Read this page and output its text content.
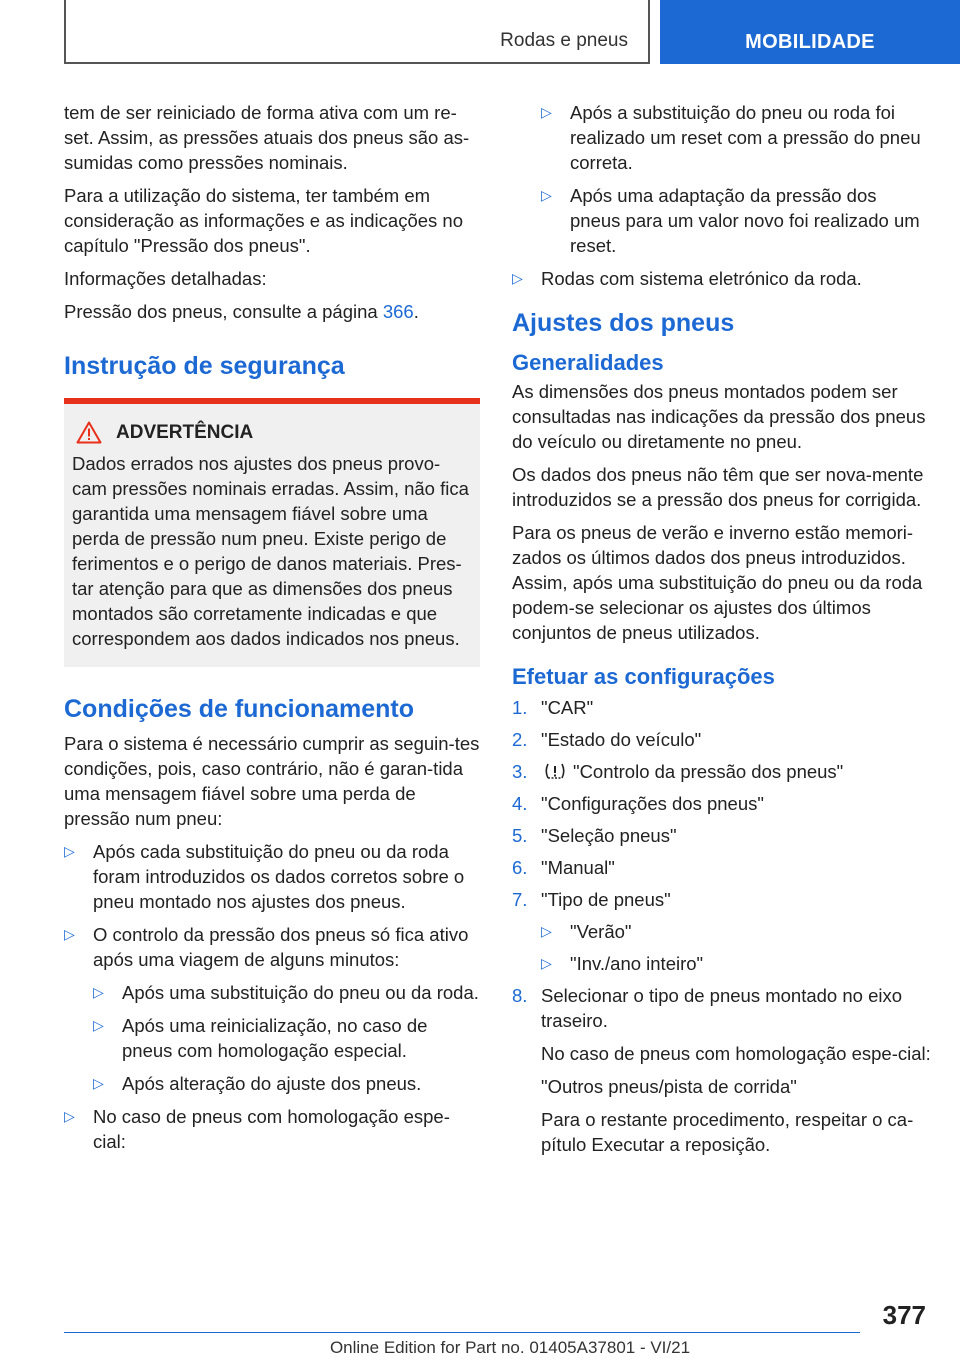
Rodas e pneus	MOBILIDADE

tem de ser reiniciado de forma ativa com um re-set. Assim, as pressões atuais dos pneus são as-sumidas como pressões nominais.

Para a utilização do sistema, ter também em consideração as informações e as indicações no capítulo "Pressão dos pneus".

Informações detalhadas:

Pressão dos pneus, consulte a página 366.

Instrução de segurança
ADVERTÊNCIA

Dados errados nos ajustes dos pneus provo-cam pressões nominais erradas. Assim, não fica garantida uma mensagem fiável sobre uma perda de pressão num pneu. Existe perigo de ferimentos e o perigo de danos materiais. Pres-tar atenção para que as dimensões dos pneus montados são corretamente indicadas e que correspondem aos dados indicados nos pneus.

Condições de funcionamento

Para o sistema é necessário cumprir as seguin-tes condições, pois, caso contrário, não é garan-tida uma mensagem fiável sobre uma perda de pressão num pneu:

▷ Após cada substituição do pneu ou da roda foram introduzidos os dados corretos sobre o pneu montado nos ajustes dos pneus.
▷ O controlo da pressão dos pneus só fica ativo após uma viagem de alguns minutos:
▷ Após uma substituição do pneu ou da roda.
▷ Após uma reinicialização, no caso de pneus com homologação especial.
▷ Após alteração do ajuste dos pneus.
▷ No caso de pneus com homologação espe-cial:
▷ Após a substituição do pneu ou roda foi realizado um reset com a pressão do pneu correta.
▷ Após uma adaptação da pressão dos pneus para um valor novo foi realizado um reset.
▷ Rodas com sistema eletrónico da roda.
Ajustes dos pneus
Generalidades

As dimensões dos pneus montados podem ser consultadas nas indicações da pressão dos pneus do veículo ou diretamente no pneu.

Os dados dos pneus não têm que ser nova-mente introduzidos se a pressão dos pneus for corrigida.

Para os pneus de verão e inverno estão memori-zados os últimos dados dos pneus introduzidos. Assim, após uma substituição do pneu ou da roda podem-se selecionar os ajustes dos últimos conjuntos de pneus utilizados.

Efetuar as configurações
1. "CAR"
2. "Estado do veículo"
3. "Controlo da pressão dos pneus"
4. "Configurações dos pneus"
5. "Seleção pneus"
6. "Manual"
7. "Tipo de pneus"
▷ "Verão"
▷ "Inv./ano inteiro"
8. Selecionar o tipo de pneus montado no eixo traseiro.

No caso de pneus com homologação espe-cial:

"Outros pneus/pista de corrida"

Para o restante procedimento, respeitar o ca-pítulo Executar a reposição.

377
Online Edition for Part no. 01405A37801 - VI/21
